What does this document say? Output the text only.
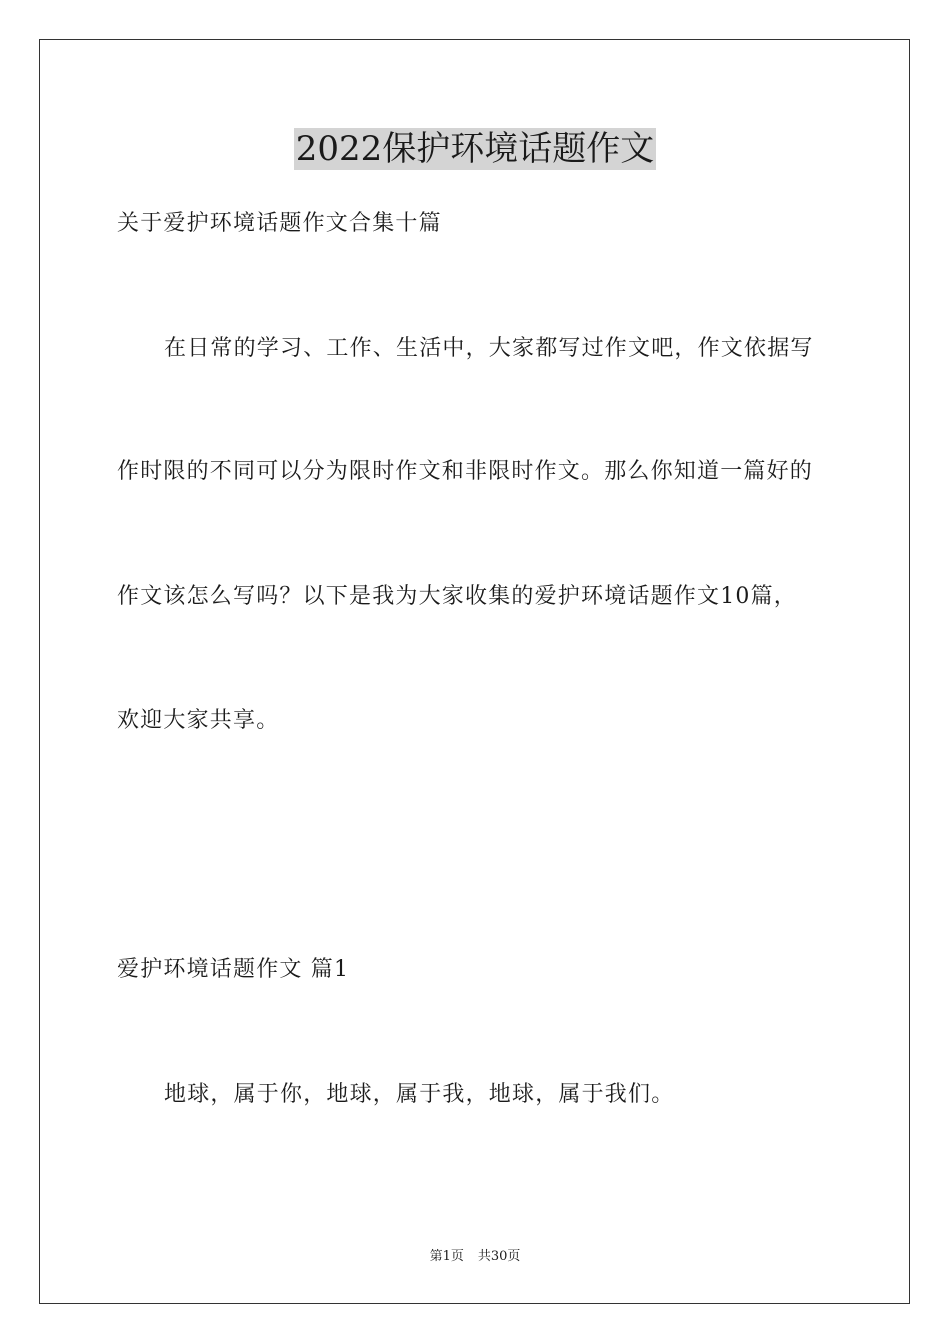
2022保护环境话题作文
关于爱护环境话题作文合集十篇
在日常的学习、工作、生活中，大家都写过作文吧，作文依据写
作时限的不同可以分为限时作文和非限时作文。那么你知道一篇好的
作文该怎么写吗？以下是我为大家收集的爱护环境话题作文10篇，
欢迎大家共享。
爱护环境话题作文 篇1
地球，属于你，地球，属于我，地球，属于我们。
第1页 共30页
